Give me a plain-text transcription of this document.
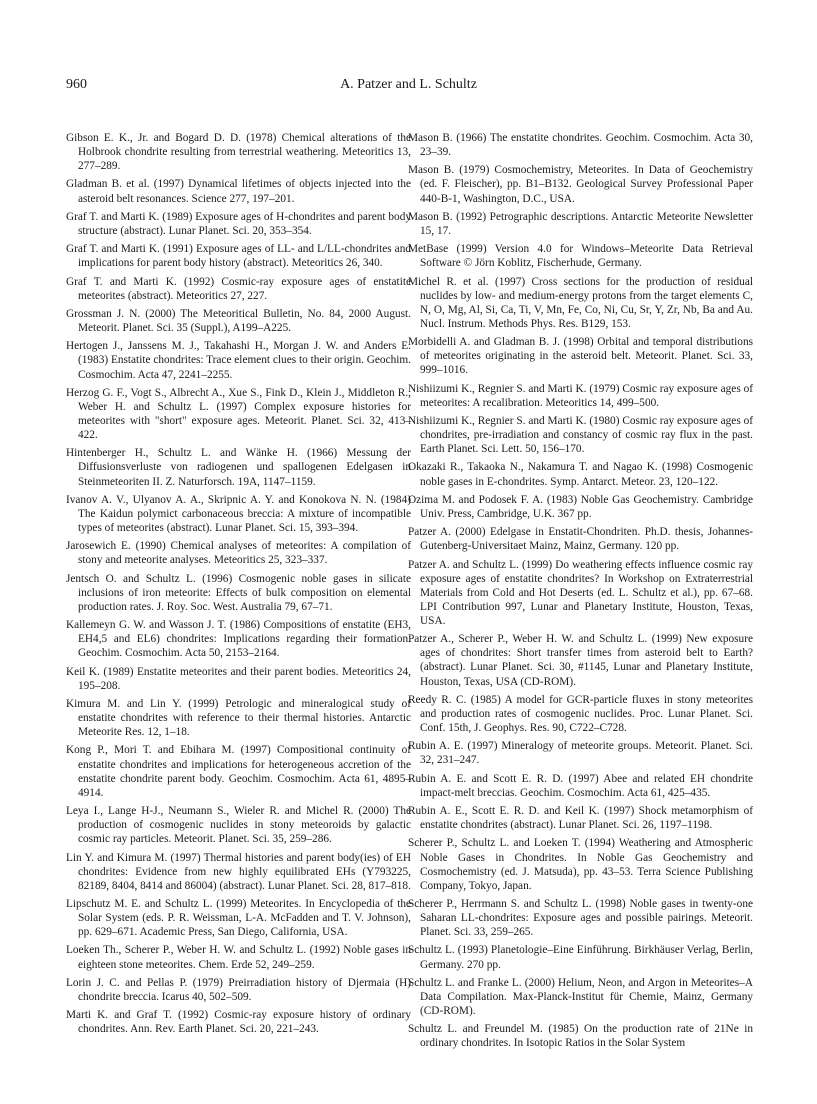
960	A. Patzer and L. Schultz

Gibson E. K., Jr. and Bogard D. D. (1978) Chemical alterations of the Holbrook chondrite resulting from terrestrial weathering. Meteoritics 13, 277–289.

Gladman B. et al. (1997) Dynamical lifetimes of objects injected into the asteroid belt resonances. Science 277, 197–201.

Graf T. and Marti K. (1989) Exposure ages of H-chondrites and parent body structure (abstract). Lunar Planet. Sci. 20, 353–354.

Graf T. and Marti K. (1991) Exposure ages of LL- and L/LL-chondrites and implications for parent body history (abstract). Meteoritics 26, 340.

Graf T. and Marti K. (1992) Cosmic-ray exposure ages of enstatite meteorites (abstract). Meteoritics 27, 227.

Grossman J. N. (2000) The Meteoritical Bulletin, No. 84, 2000 August. Meteorit. Planet. Sci. 35 (Suppl.), A199–A225.

Hertogen J., Janssens M. J., Takahashi H., Morgan J. W. and Anders E. (1983) Enstatite chondrites: Trace element clues to their origin. Geochim. Cosmochim. Acta 47, 2241–2255.

Herzog G. F., Vogt S., Albrecht A., Xue S., Fink D., Klein J., Middleton R., Weber H. and Schultz L. (1997) Complex exposure histories for meteorites with "short" exposure ages. Meteorit. Planet. Sci. 32, 413–422.

Hintenberger H., Schultz L. and Wänke H. (1966) Messung der Diffusionsverluste von radiogenen und spallogenen Edelgasen in Steinmeteoriten II. Z. Naturforsch. 19A, 1147–1159.

Ivanov A. V., Ulyanov A. A., Skripnic A. Y. and Konokova N. N. (1984) The Kaidun polymict carbonaceous breccia: A mixture of incompatible types of meteorites (abstract). Lunar Planet. Sci. 15, 393–394.

Jarosewich E. (1990) Chemical analyses of meteorites: A compilation of stony and meteorite analyses. Meteoritics 25, 323–337.

Jentsch O. and Schultz L. (1996) Cosmogenic noble gases in silicate inclusions of iron meteorite: Effects of bulk composition on elemental production rates. J. Roy. Soc. West. Australia 79, 67–71.

Kallemeyn G. W. and Wasson J. T. (1986) Compositions of enstatite (EH3, EH4,5 and EL6) chondrites: Implications regarding their formation. Geochim. Cosmochim. Acta 50, 2153–2164.

Keil K. (1989) Enstatite meteorites and their parent bodies. Meteoritics 24, 195–208.

Kimura M. and Lin Y. (1999) Petrologic and mineralogical study of enstatite chondrites with reference to their thermal histories. Antarctic Meteorite Res. 12, 1–18.

Kong P., Mori T. and Ebihara M. (1997) Compositional continuity of enstatite chondrites and implications for heterogeneous accretion of the enstatite chondrite parent body. Geochim. Cosmochim. Acta 61, 4895–4914.

Leya I., Lange H-J., Neumann S., Wieler R. and Michel R. (2000) The production of cosmogenic nuclides in stony meteoroids by galactic cosmic ray particles. Meteorit. Planet. Sci. 35, 259–286.

Lin Y. and Kimura M. (1997) Thermal histories and parent body(ies) of EH chondrites: Evidence from new highly equilibrated EHs (Y793225, 82189, 8404, 8414 and 86004) (abstract). Lunar Planet. Sci. 28, 817–818.

Lipschutz M. E. and Schultz L. (1999) Meteorites. In Encyclopedia of the Solar System (eds. P. R. Weissman, L-A. McFadden and T. V. Johnson), pp. 629–671. Academic Press, San Diego, California, USA.

Loeken Th., Scherer P., Weber H. W. and Schultz L. (1992) Noble gases in eighteen stone meteorites. Chem. Erde 52, 249–259.

Lorin J. C. and Pellas P. (1979) Preirradiation history of Djermaia (H) chondrite breccia. Icarus 40, 502–509.

Marti K. and Graf T. (1992) Cosmic-ray exposure history of ordinary chondrites. Ann. Rev. Earth Planet. Sci. 20, 221–243.

Mason B. (1966) The enstatite chondrites. Geochim. Cosmochim. Acta 30, 23–39.

Mason B. (1979) Cosmochemistry, Meteorites. In Data of Geochemistry (ed. F. Fleischer), pp. B1–B132. Geological Survey Professional Paper 440-B-1, Washington, D.C., USA.

Mason B. (1992) Petrographic descriptions. Antarctic Meteorite Newsletter 15, 17.

MetBase (1999) Version 4.0 for Windows–Meteorite Data Retrieval Software © Jörn Koblitz, Fischerhude, Germany.

Michel R. et al. (1997) Cross sections for the production of residual nuclides by low- and medium-energy protons from the target elements C, N, O, Mg, Al, Si, Ca, Ti, V, Mn, Fe, Co, Ni, Cu, Sr, Y, Zr, Nb, Ba and Au. Nucl. Instrum. Methods Phys. Res. B129, 153.

Morbidelli A. and Gladman B. J. (1998) Orbital and temporal distributions of meteorites originating in the asteroid belt. Meteorit. Planet. Sci. 33, 999–1016.

Nishiizumi K., Regnier S. and Marti K. (1979) Cosmic ray exposure ages of meteorites: A recalibration. Meteoritics 14, 499–500.

Nishiizumi K., Regnier S. and Marti K. (1980) Cosmic ray exposure ages of chondrites, pre-irradiation and constancy of cosmic ray flux in the past. Earth Planet. Sci. Lett. 50, 156–170.

Okazaki R., Takaoka N., Nakamura T. and Nagao K. (1998) Cosmogenic noble gases in E-chondrites. Symp. Antarct. Meteor. 23, 120–122.

Ozima M. and Podosek F. A. (1983) Noble Gas Geochemistry. Cambridge Univ. Press, Cambridge, U.K. 367 pp.

Patzer A. (2000) Edelgase in Enstatit-Chondriten. Ph.D. thesis, Johannes-Gutenberg-Universitaet Mainz, Mainz, Germany. 120 pp.

Patzer A. and Schultz L. (1999) Do weathering effects influence cosmic ray exposure ages of enstatite chondrites? In Workshop on Extraterrestrial Materials from Cold and Hot Deserts (ed. L. Schultz et al.), pp. 67–68. LPI Contribution 997, Lunar and Planetary Institute, Houston, Texas, USA.

Patzer A., Scherer P., Weber H. W. and Schultz L. (1999) New exposure ages of chondrites: Short transfer times from asteroid belt to Earth? (abstract). Lunar Planet. Sci. 30, #1145, Lunar and Planetary Institute, Houston, Texas, USA (CD-ROM).

Reedy R. C. (1985) A model for GCR-particle fluxes in stony meteorites and production rates of cosmogenic nuclides. Proc. Lunar Planet. Sci. Conf. 15th, J. Geophys. Res. 90, C722–C728.

Rubin A. E. (1997) Mineralogy of meteorite groups. Meteorit. Planet. Sci. 32, 231–247.

Rubin A. E. and Scott E. R. D. (1997) Abee and related EH chondrite impact-melt breccias. Geochim. Cosmochim. Acta 61, 425–435.

Rubin A. E., Scott E. R. D. and Keil K. (1997) Shock metamorphism of enstatite chondrites (abstract). Lunar Planet. Sci. 26, 1197–1198.

Scherer P., Schultz L. and Loeken T. (1994) Weathering and Atmospheric Noble Gases in Chondrites. In Noble Gas Geochemistry and Cosmochemistry (ed. J. Matsuda), pp. 43–53. Terra Science Publishing Company, Tokyo, Japan.

Scherer P., Herrmann S. and Schultz L. (1998) Noble gases in twenty-one Saharan LL-chondrites: Exposure ages and possible pairings. Meteorit. Planet. Sci. 33, 259–265.

Schultz L. (1993) Planetologie–Eine Einführung. Birkhäuser Verlag, Berlin, Germany. 270 pp.

Schultz L. and Franke L. (2000) Helium, Neon, and Argon in Meteorites–A Data Compilation. Max-Planck-Institut für Chemie, Mainz, Germany (CD-ROM).

Schultz L. and Freundel M. (1985) On the production rate of 21Ne in ordinary chondrites. In Isotopic Ratios in the Solar System
